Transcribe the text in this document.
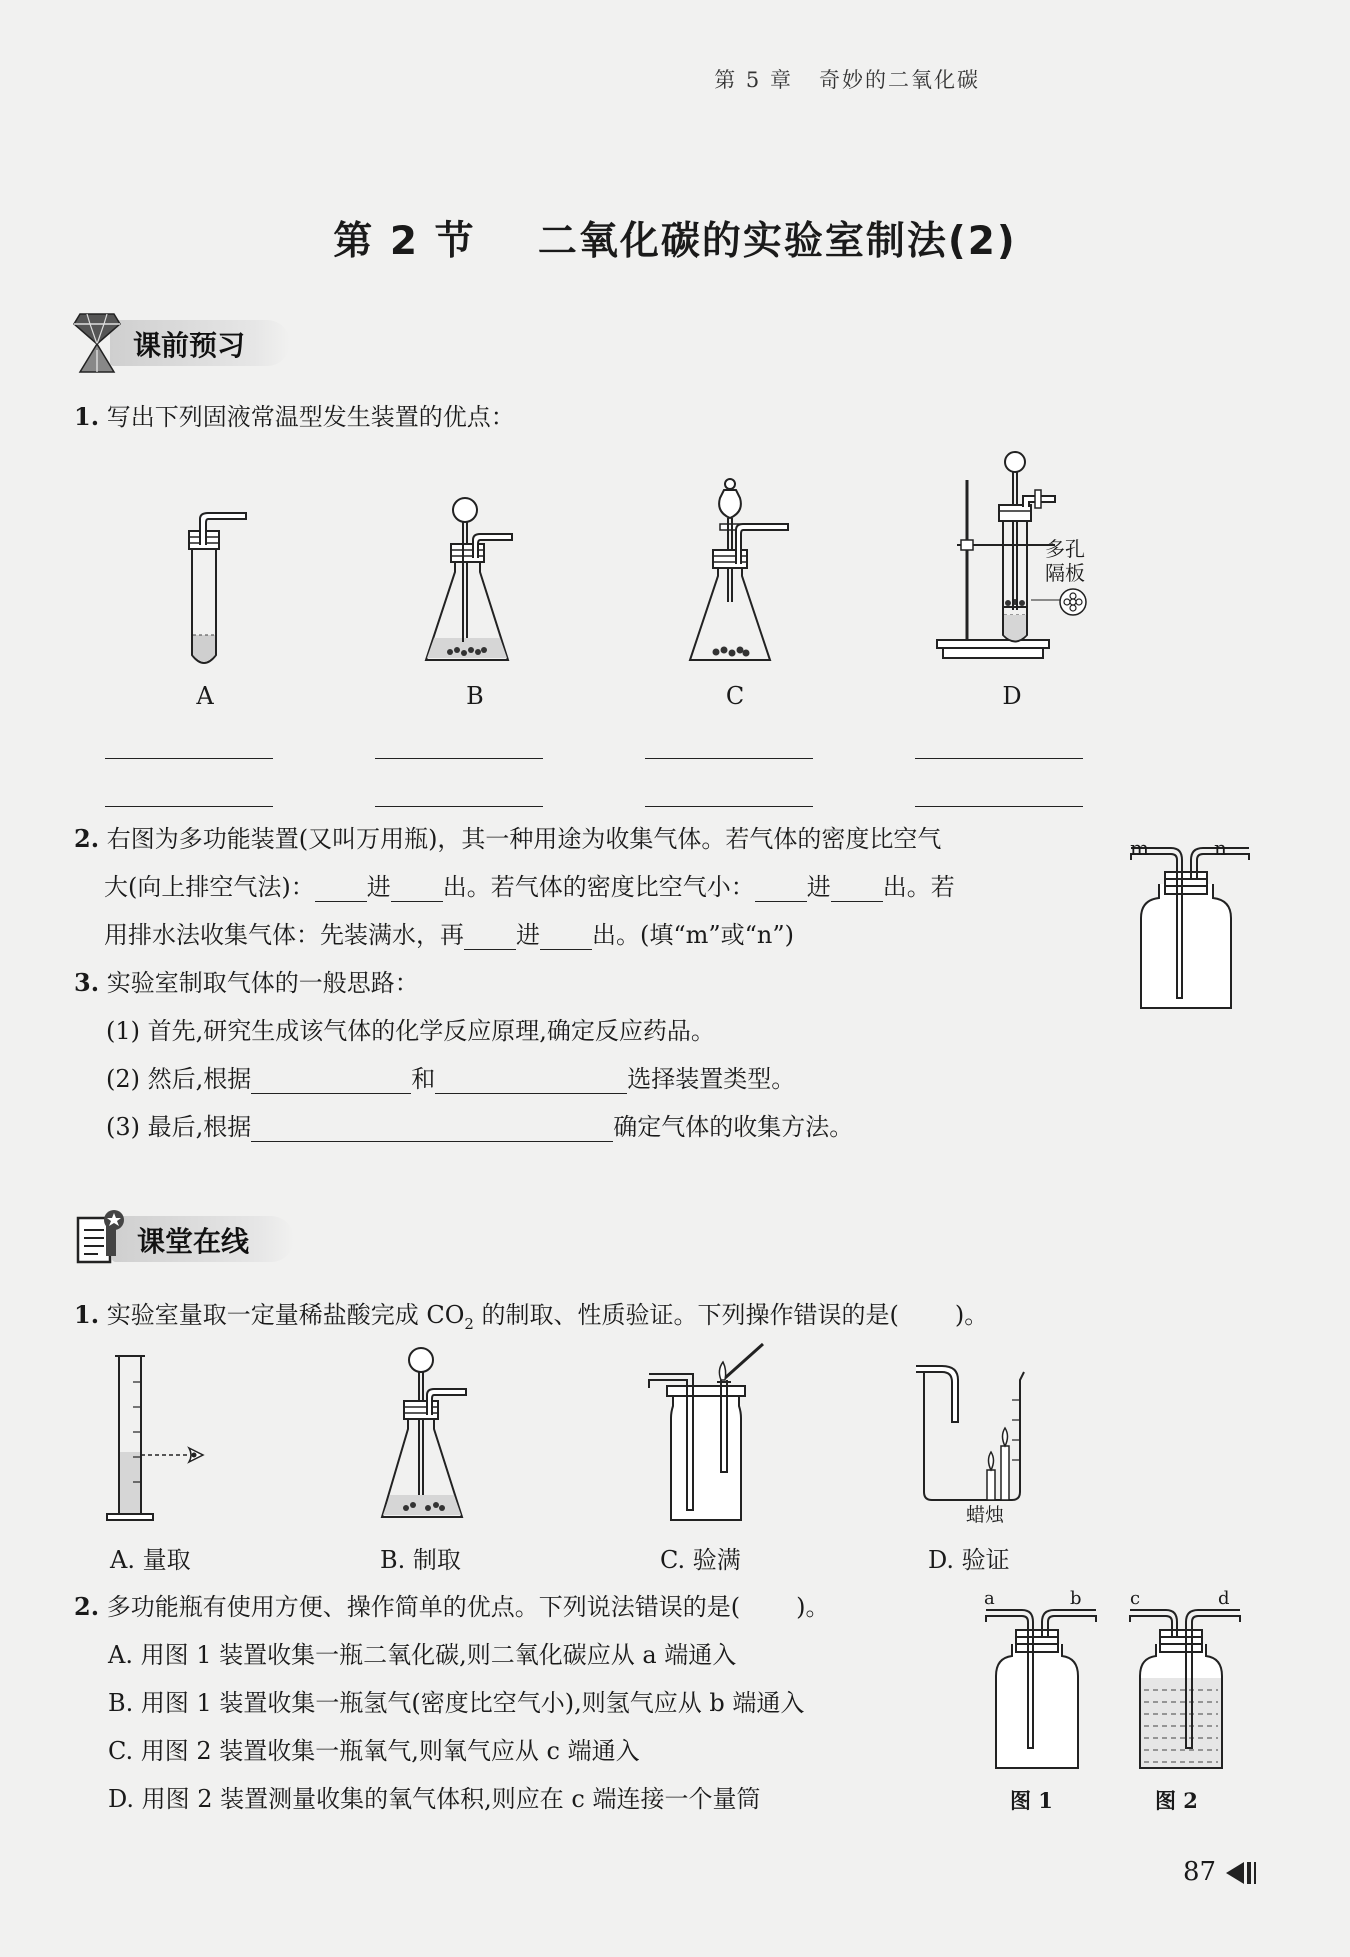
第 5 章 奇妙的二氧化碳
第 2 节    二氧化碳的实验室制法(2)
课前预习
1. 写出下列固液常温型发生装置的优点：
A	B	C
多孔
隔板
D
2. 右图为多功能装置(又叫万用瓶)，其一种用途为收集气体。若气体的密度比空气
大(向上排空气法)： 进 出。若气体的密度比空气小： 进 出。若
用排水法收集气体：先装满水，再 进 出。(填“m”或“n”)
m	n
3. 实验室制取气体的一般思路：
(1) 首先,研究生成该气体的化学反应原理,确定反应药品。
(2) 然后,根据	和	选择装置类型。
(3) 最后,根据	确定气体的收集方法。
课堂在线
1. 实验室量取一定量稀盐酸完成 $CO_2$ 的制取、性质验证。下列操作错误的是( )。
蜡烛
A. 量取	B. 制取	C. 验满	D. 验证
2. 多功能瓶有使用方便、操作简单的优点。下列说法错误的是( )。
A. 用图 1 装置收集一瓶二氧化碳,则二氧化碳应从 a 端通入
B. 用图 1 装置收集一瓶氢气(密度比空气小),则氢气应从 b 端通入
C. 用图 2 装置收集一瓶氧气,则氧气应从 c 端通入
D. 用图 2 装置测量收集的氧气体积,则应在 c 端连接一个量筒
a	b
图 1
c	d
图 2
87
